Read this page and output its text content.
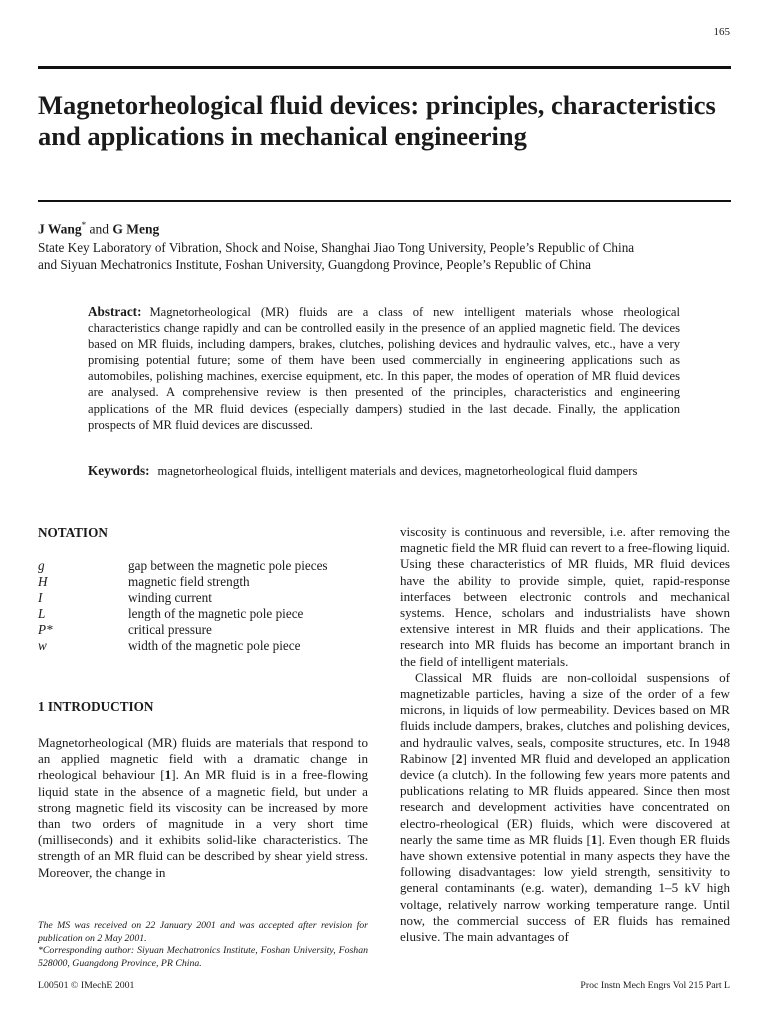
165
Magnetorheological fluid devices: principles, characteristics and applications in mechanical engineering
J Wang* and G Meng
State Key Laboratory of Vibration, Shock and Noise, Shanghai Jiao Tong University, People’s Republic of China
and Siyuan Mechatronics Institute, Foshan University, Guangdong Province, People’s Republic of China

Abstract: Magnetorheological (MR) fluids are a class of new intelligent materials whose rheological characteristics change rapidly and can be controlled easily in the presence of an applied magnetic field. The devices based on MR fluids, including dampers, brakes, clutches, polishing devices and hydraulic valves, etc., have a very promising potential future; some of them have been used commercially in engineering applications such as automobiles, polishing machines, exercise equipment, etc. In this paper, the modes of operation of MR fluid devices are analysed. A comprehensive review is then presented of the principles, characteristics and engineering applications of the MR fluid devices (especially dampers) studied in the last decade. Finally, the application prospects of MR fluid devices are discussed.

Keywords: magnetorheological fluids, intelligent materials and devices, magnetorheological fluid dampers

NOTATION
g	gap between the magnetic pole pieces
H	magnetic field strength
I	winding current
L	length of the magnetic pole piece
P*	critical pressure
w	width of the magnetic pole piece
1 INTRODUCTION

Magnetorheological (MR) fluids are materials that respond to an applied magnetic field with a dramatic change in rheological behaviour [1]. An MR fluid is in a free-flowing liquid state in the absence of a magnetic field, but under a strong magnetic field its viscosity can be increased by more than two orders of magnitude in a very short time (milliseconds) and it exhibits solid-like characteristics. The strength of an MR fluid can be described by shear yield stress. Moreover, the change in

viscosity is continuous and reversible, i.e. after removing the magnetic field the MR fluid can revert to a free-flowing liquid. Using these characteristics of MR fluids, MR fluid devices have the ability to provide simple, quiet, rapid-response interfaces between electronic controls and mechanical systems. Hence, scholars and industrialists have shown extensive interest in MR fluids and their applications. The research into MR fluids has become an important branch in the field of intelligent materials.

Classical MR fluids are non-colloidal suspensions of magnetizable particles, having a size of the order of a few microns, in liquids of low permeability. Devices based on MR fluids include dampers, brakes, clutches and polishing devices, and hydraulic valves, seals, composite structures, etc. In 1948 Rabinow [2] invented MR fluid and developed an application device (a clutch). In the following few years more patents and publications relating to MR fluids appeared. Since then most research and development activities have concentrated on electro-rheological (ER) fluids, which were discovered at nearly the same time as MR fluids [1]. Even though ER fluids have shown extensive potential in many aspects they have the following disadvantages: low yield strength, sensitivity to general contaminants (e.g. water), demanding 1–5 kV high voltage, relatively narrow working temperature range. Until now, the commercial success of ER fluids has remained elusive. The main advantages of

The MS was received on 22 January 2001 and was accepted after revision for publication on 2 May 2001.
*Corresponding author: Siyuan Mechatronics Institute, Foshan University, Foshan 528000, Guangdong Province, PR China.
L00501 © IMechE 2001	Proc Instn Mech Engrs Vol 215 Part L
